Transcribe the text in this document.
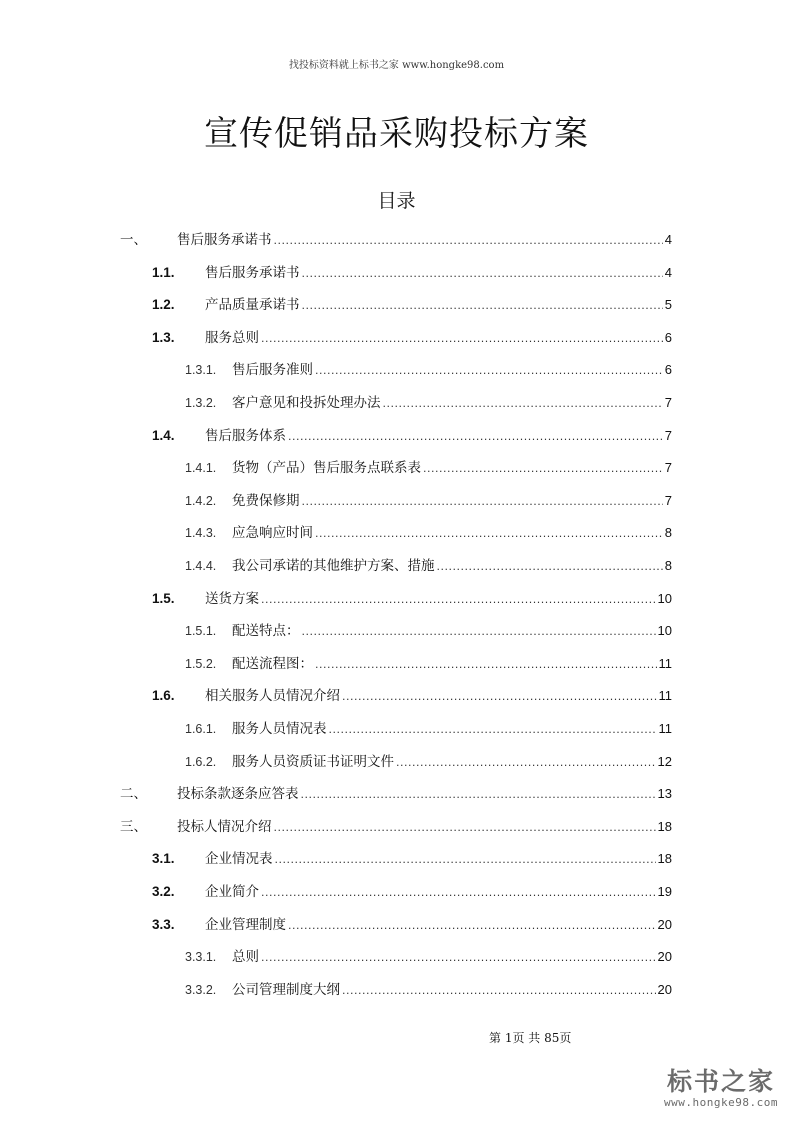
找投标资料就上标书之家 www.hongke98.com
宣传促销品采购投标方案
目录
一、	售后服务承诺书 .....	4
1.1.	售后服务承诺书 .....	4
1.2.	产品质量承诺书 .....	5
1.3.	服务总则 .....	6
1.3.1.	售后服务准则 .....	6
1.3.2.	客户意见和投拆处理办法 .....	7
1.4.	售后服务体系 .....	7
1.4.1.	货物（产品）售后服务点联系表 .....	7
1.4.2.	免费保修期 .....	7
1.4.3.	应急响应时间 .....	8
1.4.4.	我公司承诺的其他维护方案、措施 .....	8
1.5.	送货方案 .....	10
1.5.1.	配送特点： .....	10
1.5.2.	配送流程图： .....	11
1.6.	相关服务人员情况介绍 .....	11
1.6.1.	服务人员情况表 .....	11
1.6.2.	服务人员资质证书证明文件 .....	12
二、	投标条款逐条应答表 .....	13
三、	投标人情况介绍 .....	18
3.1.	企业情况表 .....	18
3.2.	企业简介 .....	19
3.3.	企业管理制度 .....	20
3.3.1.	总则 .....	20
3.3.2.	公司管理制度大纲 .....	20
第 1页 共 85页
标书之家
www.hongke98.com
